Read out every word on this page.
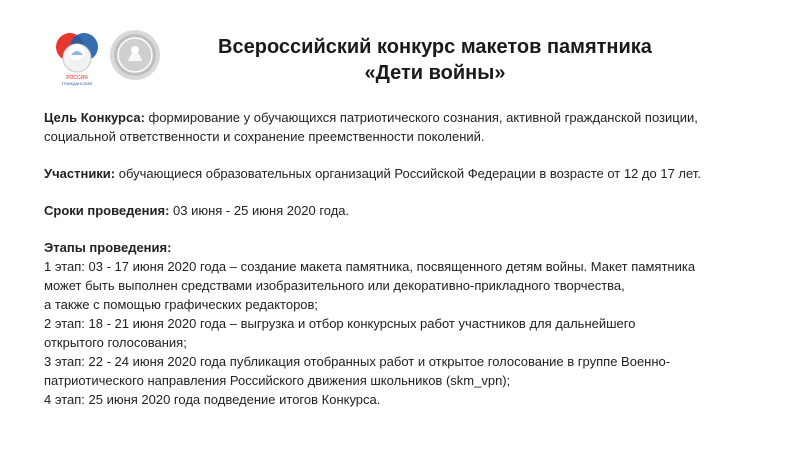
РОССИЯ
ГРАЖДАНСКИЙ
Всероссийский конкурс макетов памятника
«Дети войны»
Цель Конкурса: формирование у обучающихся патриотического сознания, активной гражданской позиции,
социальной ответственности и сохранение преемственности поколений.
Участники: обучающиеся образовательных организаций Российской Федерации в возрасте от 12 до 17 лет.
Сроки проведения: 03 июня - 25 июня 2020 года.
Этапы проведения:
1 этап: 03 - 17 июня 2020 года – создание макета памятника, посвященного детям войны. Макет памятника
может быть выполнен средствами изобразительного или декоративно-прикладного творчества,
а также с помощью графических редакторов;
2 этап: 18 - 21 июня 2020 года – выгрузка и отбор конкурсных работ участников для дальнейшего
открытого голосования;
3 этап: 22 - 24 июня 2020 года публикация отобранных работ и открытое голосование в группе Военно-
патриотического направления Российского движения школьников (skm_vpn);
4 этап: 25 июня 2020 года подведение итогов Конкурса.
